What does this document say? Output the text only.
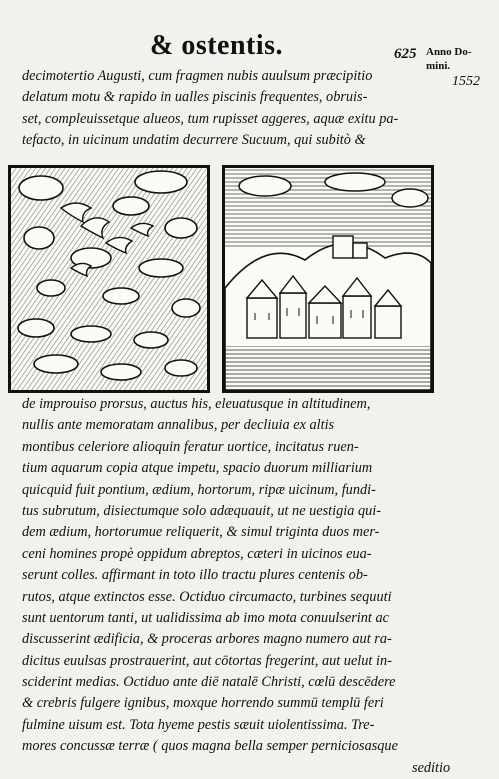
& ostentis.	625 Anno Do-
mini.
1552
decimotertio Augusti, cum fragmen nubis auulsum præcipitio
delatum motu & rapido in ualles piscinis frequentes, obruis-
set, compleuissetque alueos, tum rupisset aggeres, aquæ exitu pa-
tefacto, in uicinum undatim decurrere Sucuum, qui subitò &
de improuiso prorsus, auctus his, eleuatusque in altitudinem,
nullis ante memoratam annalibus, per decliuia ex altis
montibus celeriore alioquin feratur uortice, incitatus ruen-
tium aquarum copia atque impetu, spacio duorum milliarium
quicquid fuit pontium, ædium, hortorum, ripæ uicinum, fundi-
tus subrutum, disiectumque solo adæquauit, ut ne uestigia qui-
dem ædium, hortorumue reliquerit, & simul triginta duos mer-
ceni homines propè oppidum abreptos, cæteri in uicinos eua-
serunt colles. affirmant in toto illo tractu plures centenis ob-
rutos, atque extinctos esse. Octiduo circumacto, turbines sequuti
sunt uentorum tanti, ut ualidissima ab imo mota conuulserint ac
discusserint ædificia, & proceras arbores magno numero aut ra-
dicitus euulsas prostrauerint, aut cōtortas fregerint, aut uelut in-
sciderint medias. Octiduo ante diē natalē Christi, cœlū descēdere
& crebris fulgere ignibus, moxque horrendo summū templū feri
fulmine uisum est. Tota hyeme pestis sæuit uiolentissima. Tre-
mores concussæ terræ ( quos magna bella semper perniciosasque
seditio
